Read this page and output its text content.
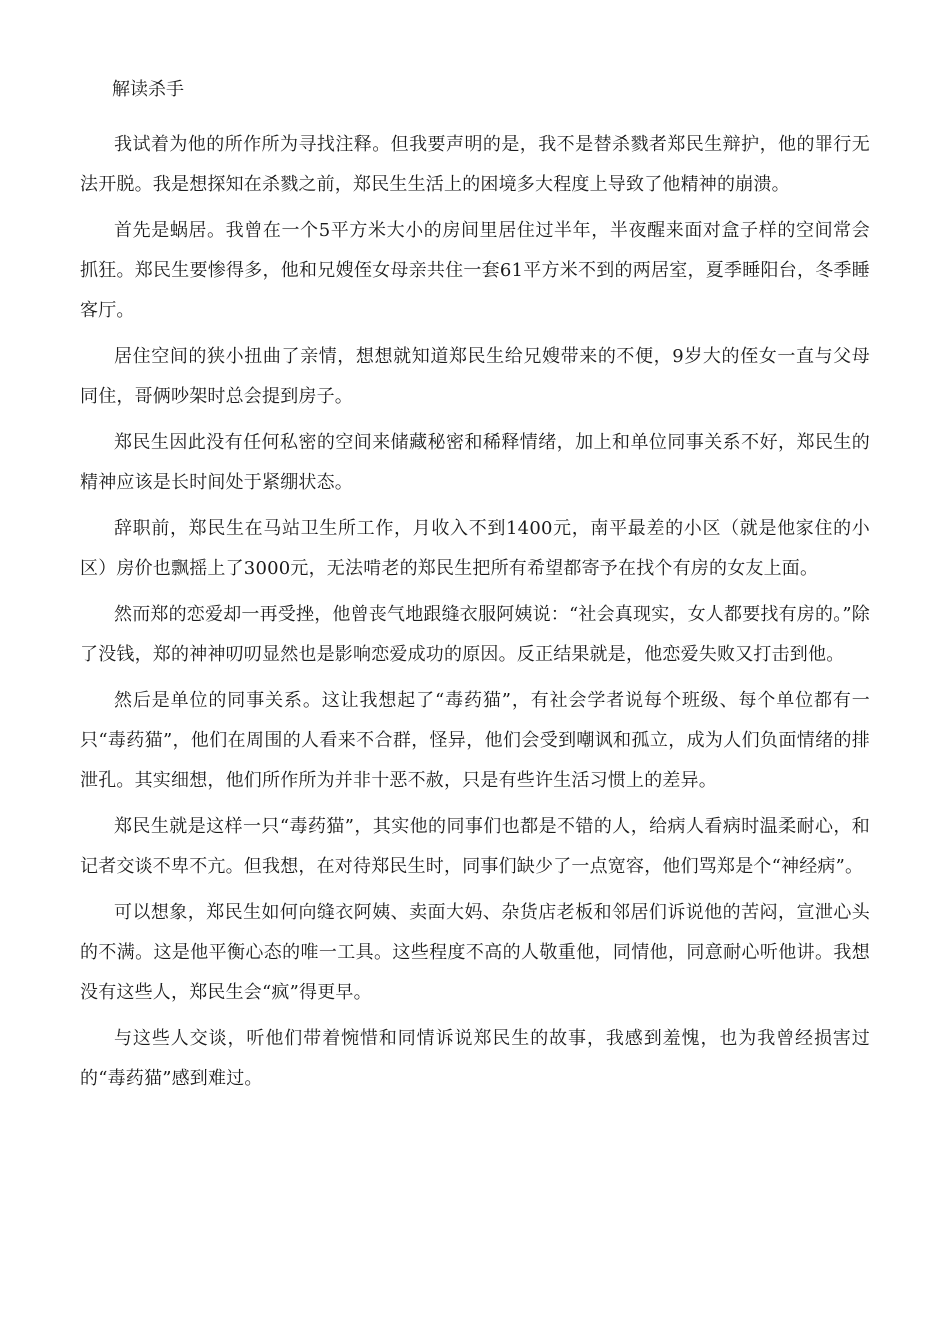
解读杀手

我试着为他的所作所为寻找注释。但我要声明的是，我不是替杀戮者郑民生辩护，他的罪行无法开脱。我是想探知在杀戮之前，郑民生生活上的困境多大程度上导致了他精神的崩溃。

首先是蜗居。我曾在一个5平方米大小的房间里居住过半年，半夜醒来面对盒子样的空间常会抓狂。郑民生要惨得多，他和兄嫂侄女母亲共住一套61平方米不到的两居室，夏季睡阳台，冬季睡客厅。

居住空间的狭小扭曲了亲情，想想就知道郑民生给兄嫂带来的不便，9岁大的侄女一直与父母同住，哥俩吵架时总会提到房子。

郑民生因此没有任何私密的空间来储藏秘密和稀释情绪，加上和单位同事关系不好，郑民生的精神应该是长时间处于紧绷状态。

辞职前，郑民生在马站卫生所工作，月收入不到1400元，南平最差的小区（就是他家住的小区）房价也飘摇上了3000元，无法啃老的郑民生把所有希望都寄予在找个有房的女友上面。

然而郑的恋爱却一再受挫，他曾丧气地跟缝衣服阿姨说：“社会真现实，女人都要找有房的。”除了没钱，郑的神神叨叨显然也是影响恋爱成功的原因。反正结果就是，他恋爱失败又打击到他。

然后是单位的同事关系。这让我想起了“毒药猫”，有社会学者说每个班级、每个单位都有一只“毒药猫”，他们在周围的人看来不合群，怪异，他们会受到嘲讽和孤立，成为人们负面情绪的排泄孔。其实细想，他们所作所为并非十恶不赦，只是有些许生活习惯上的差异。

郑民生就是这样一只“毒药猫”，其实他的同事们也都是不错的人，给病人看病时温柔耐心，和记者交谈不卑不亢。但我想，在对待郑民生时，同事们缺少了一点宽容，他们骂郑是个“神经病”。

可以想象，郑民生如何向缝衣阿姨、卖面大妈、杂货店老板和邻居们诉说他的苦闷，宣泄心头的不满。这是他平衡心态的唯一工具。这些程度不高的人敬重他，同情他，同意耐心听他讲。我想没有这些人，郑民生会“疯”得更早。

与这些人交谈，听他们带着惋惜和同情诉说郑民生的故事，我感到羞愧，也为我曾经损害过的“毒药猫”感到难过。
